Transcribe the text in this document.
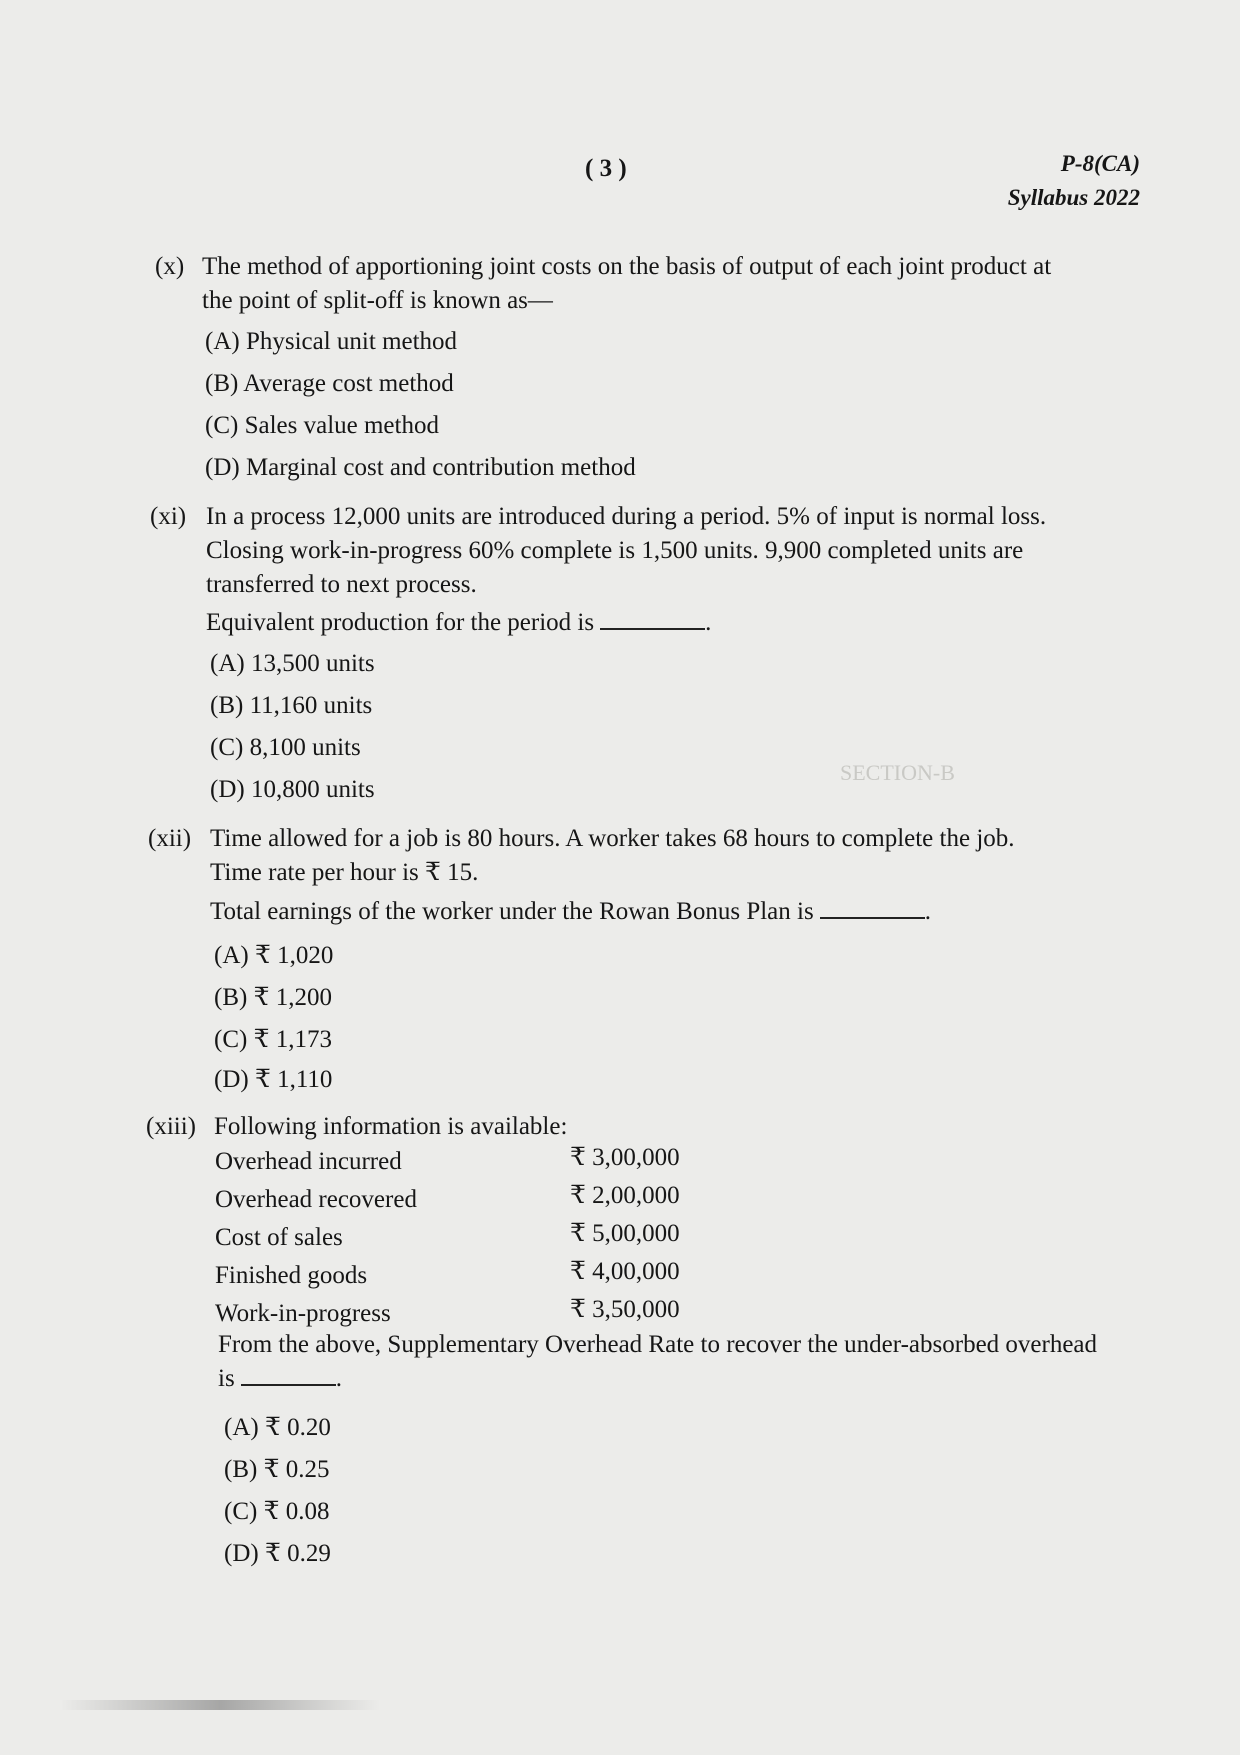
SECTION-B
( 3 )	P-8(CA)
Syllabus 2022
(x) The method of apportioning joint costs on the basis of output of each joint product at
the point of split-off is known as—
(A) Physical unit method
(B) Average cost method
(C) Sales value method
(D) Marginal cost and contribution method
(xi) In a process 12,000 units are introduced during a period. 5% of input is normal loss.
Closing work-in-progress 60% complete is 1,500 units. 9,900 completed units are
transferred to next process.
Equivalent production for the period is	.
(A) 13,500 units
(B) 11,160 units
(C) 8,100 units
(D) 10,800 units
(xii) Time allowed for a job is 80 hours. A worker takes 68 hours to complete the job.
Time rate per hour is ₹ 15.
Total earnings of the worker under the Rowan Bonus Plan is	.
(A) ₹ 1,020
(B) ₹ 1,200
(C) ₹ 1,173
(D) ₹ 1,110
(xiii) Following information is available:
Overhead incurred	₹ 3,00,000
Overhead recovered	₹ 2,00,000
Cost of sales	₹ 5,00,000
Finished goods	₹ 4,00,000
Work-in-progress	₹ 3,50,000
From the above, Supplementary Overhead Rate to recover the under-absorbed overhead
is	.
(A) ₹ 0.20
(B) ₹ 0.25
(C) ₹ 0.08
(D) ₹ 0.29
